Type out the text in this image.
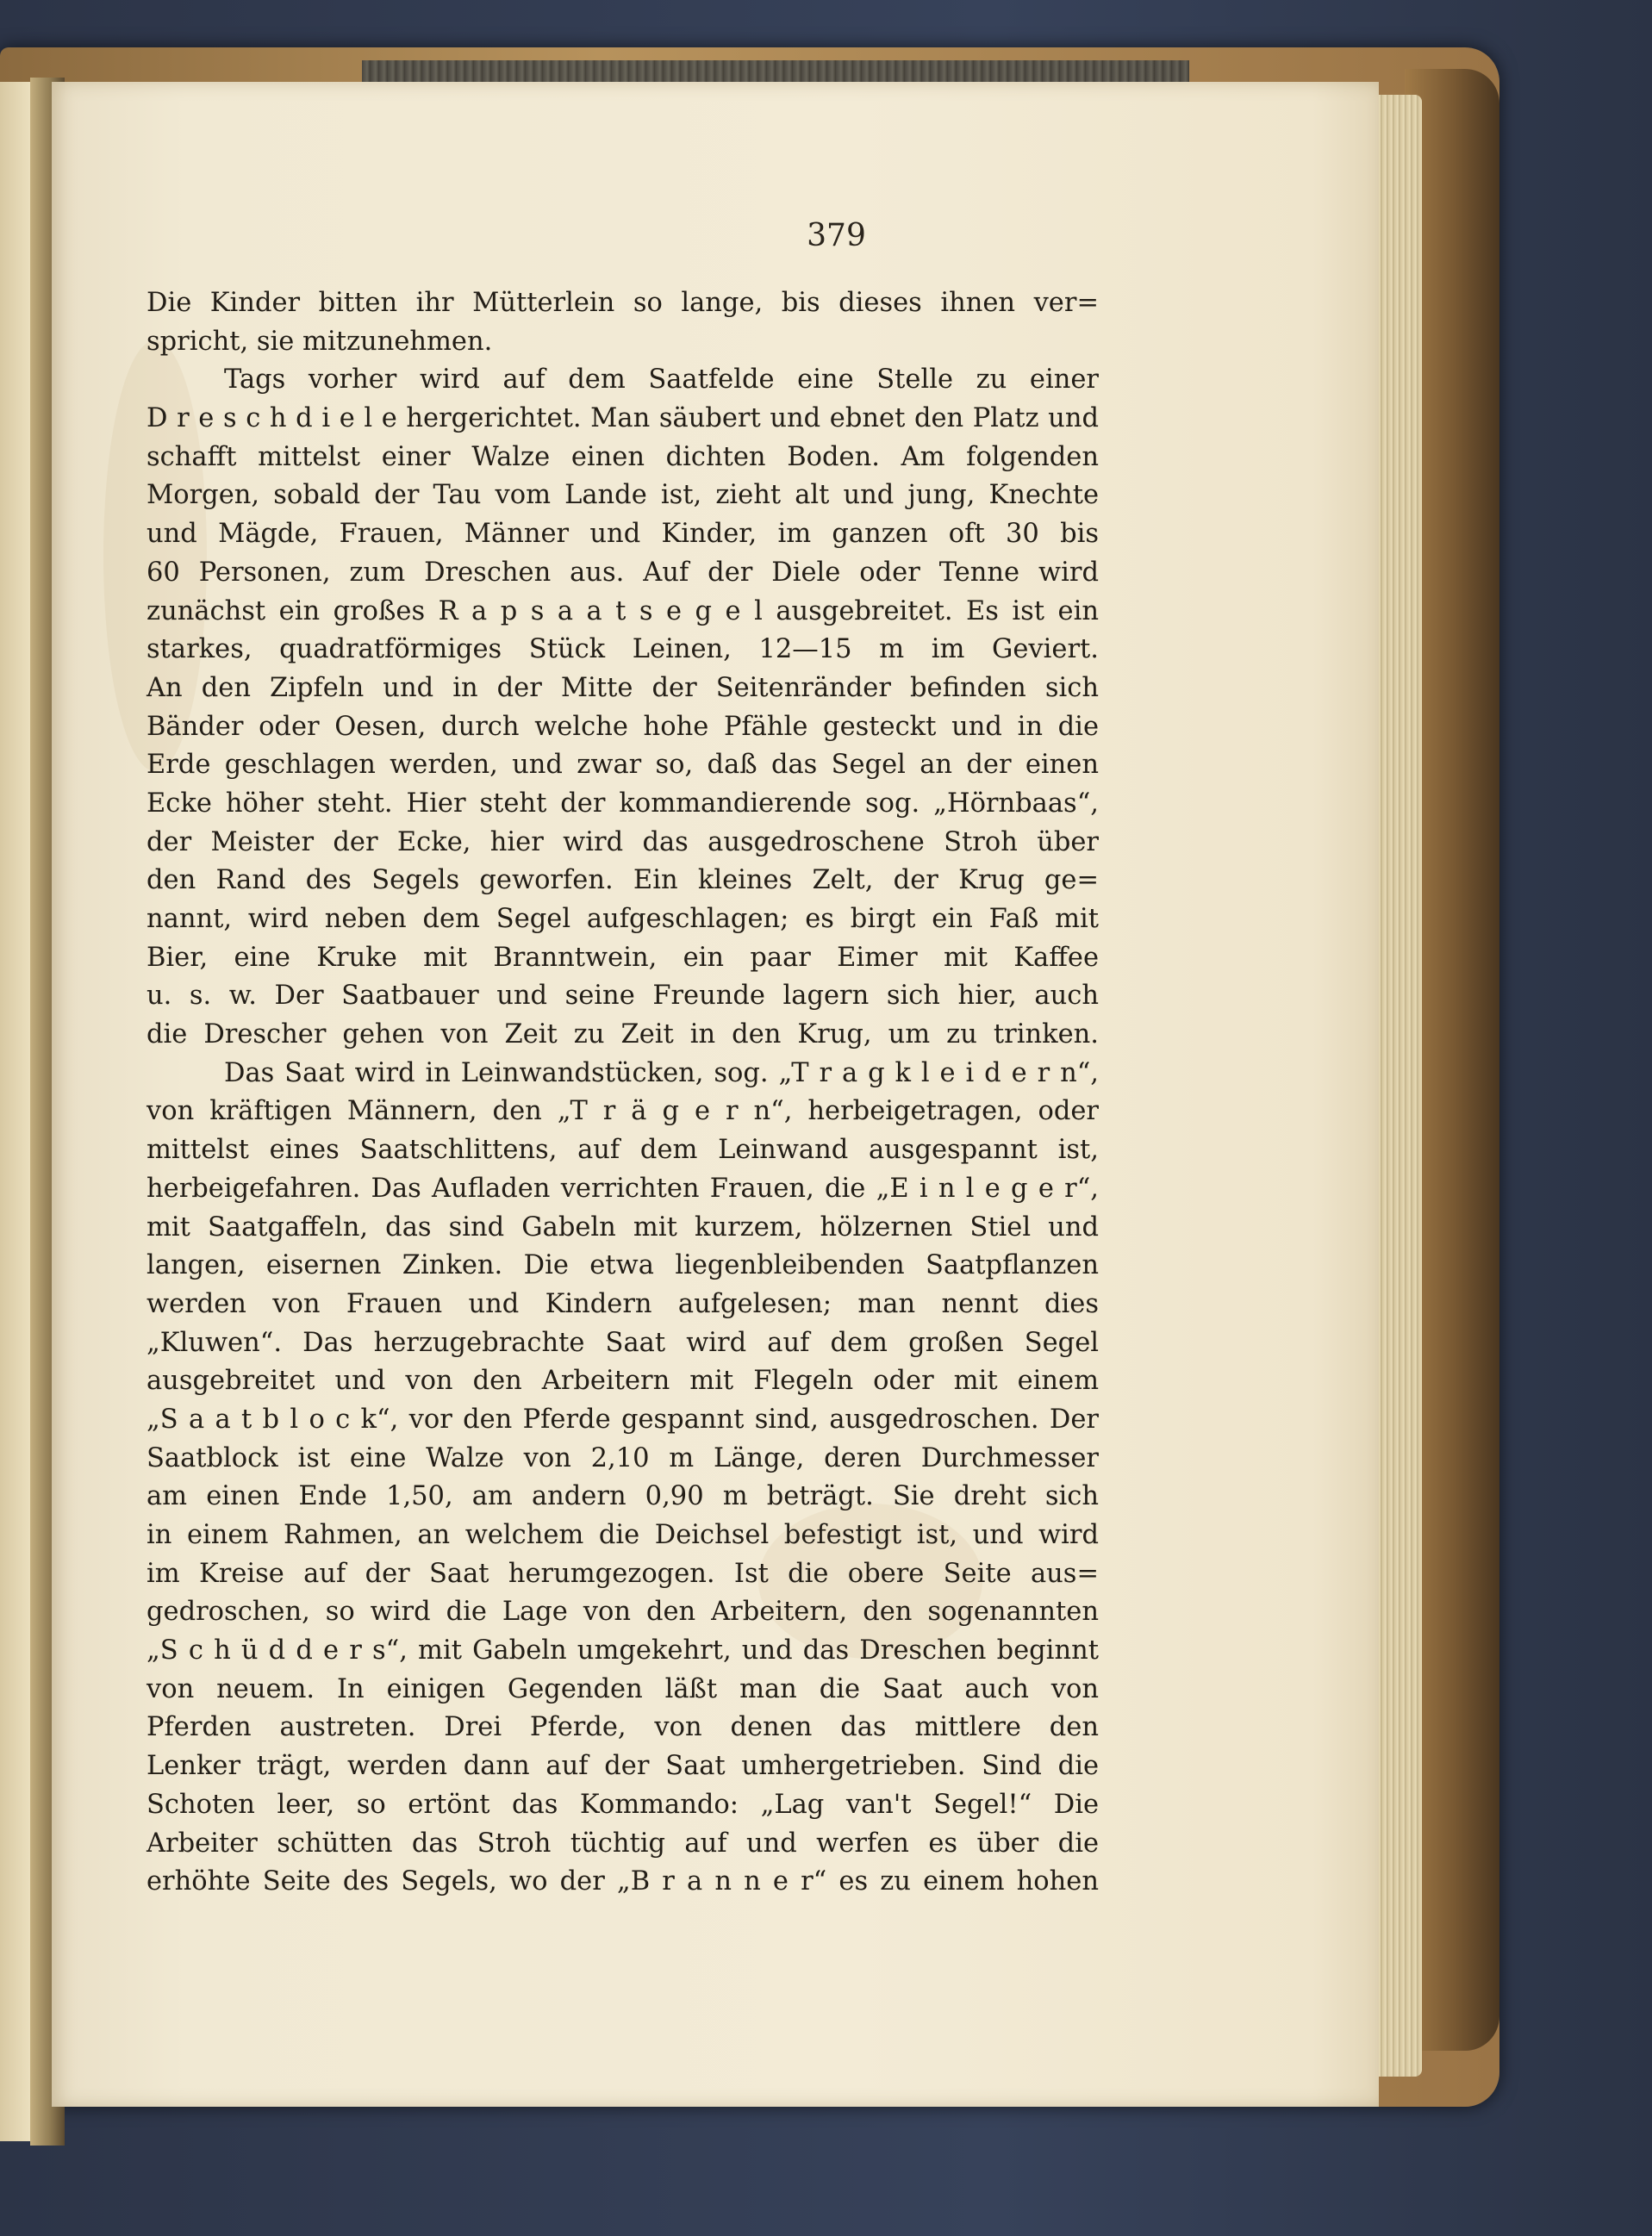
379
Die Kinder bitten ihr Mütterlein so lange, bis dieses ihnen ver=
spricht, sie mitzunehmen.
Tags vorher wird auf dem Saatfelde eine Stelle zu einer
D r e s c h d i e l e hergerichtet. Man säubert und ebnet den Platz und
schafft mittelst einer Walze einen dichten Boden. Am folgenden
Morgen, sobald der Tau vom Lande ist, zieht alt und jung, Knechte
und Mägde, Frauen, Männer und Kinder, im ganzen oft 30 bis
60 Personen, zum Dreschen aus. Auf der Diele oder Tenne wird
zunächst ein großes R a p s a a t s e g e l ausgebreitet. Es ist ein
starkes, quadratförmiges Stück Leinen, 12—15 m im Geviert.
An den Zipfeln und in der Mitte der Seitenränder befinden sich
Bänder oder Oesen, durch welche hohe Pfähle gesteckt und in die
Erde geschlagen werden, und zwar so, daß das Segel an der einen
Ecke höher steht. Hier steht der kommandierende sog. „Hörnbaas“,
der Meister der Ecke, hier wird das ausgedroschene Stroh über
den Rand des Segels geworfen. Ein kleines Zelt, der Krug ge=
nannt, wird neben dem Segel aufgeschlagen; es birgt ein Faß mit
Bier, eine Kruke mit Branntwein, ein paar Eimer mit Kaffee
u. s. w. Der Saatbauer und seine Freunde lagern sich hier, auch
die Drescher gehen von Zeit zu Zeit in den Krug, um zu trinken.
Das Saat wird in Leinwandstücken, sog. „T r a g k l e i d e r n“,
von kräftigen Männern, den „T r ä g e r n“, herbeigetragen, oder
mittelst eines Saatschlittens, auf dem Leinwand ausgespannt ist,
herbeigefahren. Das Aufladen verrichten Frauen, die „E i n l e g e r“,
mit Saatgaffeln, das sind Gabeln mit kurzem, hölzernen Stiel und
langen, eisernen Zinken. Die etwa liegenbleibenden Saatpflanzen
werden von Frauen und Kindern aufgelesen; man nennt dies
„Kluwen“. Das herzugebrachte Saat wird auf dem großen Segel
ausgebreitet und von den Arbeitern mit Flegeln oder mit einem
„S a a t b l o c k“, vor den Pferde gespannt sind, ausgedroschen. Der
Saatblock ist eine Walze von 2,10 m Länge, deren Durchmesser
am einen Ende 1,50, am andern 0,90 m beträgt. Sie dreht sich
in einem Rahmen, an welchem die Deichsel befestigt ist, und wird
im Kreise auf der Saat herumgezogen. Ist die obere Seite aus=
gedroschen, so wird die Lage von den Arbeitern, den sogenannten
„S c h ü d d e r s“, mit Gabeln umgekehrt, und das Dreschen beginnt
von neuem. In einigen Gegenden läßt man die Saat auch von
Pferden austreten. Drei Pferde, von denen das mittlere den
Lenker trägt, werden dann auf der Saat umhergetrieben. Sind die
Schoten leer, so ertönt das Kommando: „Lag van't Segel!“ Die
Arbeiter schütten das Stroh tüchtig auf und werfen es über die
erhöhte Seite des Segels, wo der „B r a n n e r“ es zu einem hohen
